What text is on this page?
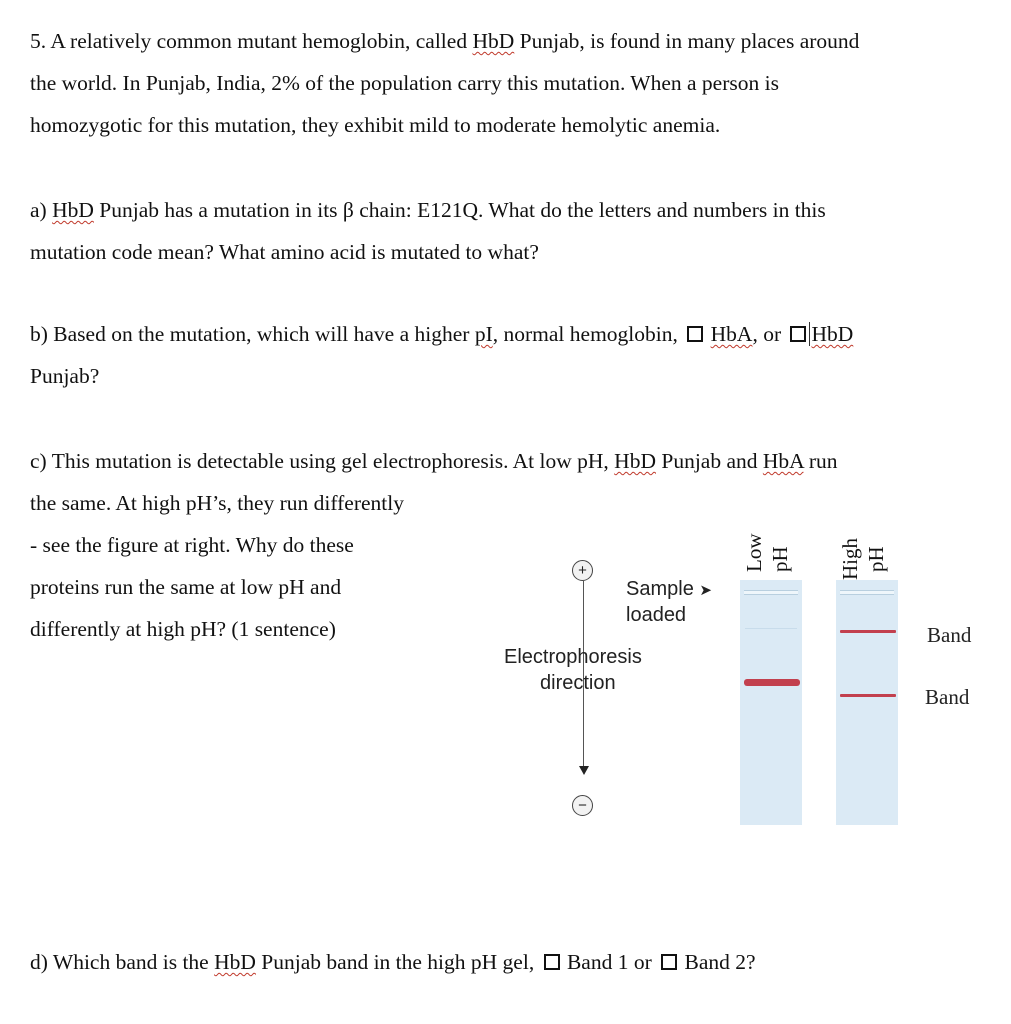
5. A relatively common mutant hemoglobin, called HbD Punjab, is found in many places around
the world. In Punjab, India, 2% of the population carry this mutation. When a person is
homozygotic for this mutation, they exhibit mild to moderate hemolytic anemia.
a) HbD Punjab has a mutation in its β chain: E121Q. What do the letters and numbers in this
mutation code mean? What amino acid is mutated to what?
b) Based on the mutation, which will have a higher pI, normal hemoglobin,  HbA, or HbD
Punjab?
c) This mutation is detectable using gel electrophoresis. At low pH, HbD Punjab and HbA run
the same. At high pH’s, they run differently
- see the figure at right. Why do these
proteins run the same at low pH and
differently at high pH? (1 sentence)
+
−
Sample ➤
loaded
Electrophoresis
direction
Low pH High pH
Band
Band
d) Which band is the HbD Punjab band in the high pH gel,  Band 1 or  Band 2?
